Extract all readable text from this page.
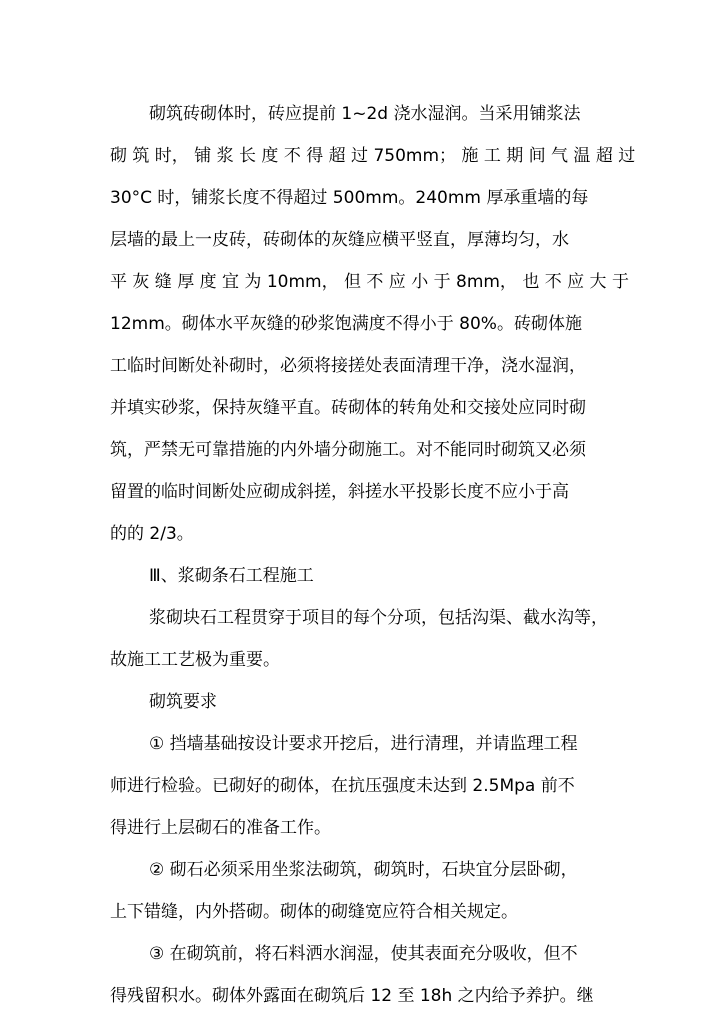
砌筑砖砌体时，砖应提前 1~2d 浇水湿润。当采用铺浆法
砌 筑 时， 铺 浆 长 度 不 得 超 过 750mm； 施 工 期 间 气 温 超 过
30°C 时，铺浆长度不得超过 500mm。240mm 厚承重墙的每
层墙的最上一皮砖，砖砌体的灰缝应横平竖直，厚薄均匀，水
平 灰 缝 厚 度 宜 为 10mm， 但 不 应 小 于 8mm， 也 不 应 大 于
12mm。砌体水平灰缝的砂浆饱满度不得小于 80%。砖砌体施
工临时间断处补砌时，必须将接搓处表面清理干净，浇水湿润，
并填实砂浆，保持灰缝平直。砖砌体的转角处和交接处应同时砌
筑，严禁无可靠措施的内外墙分砌施工。对不能同时砌筑又必须
留置的临时间断处应砌成斜搓，斜搓水平投影长度不应小于高
的的 2/3。
Ⅲ、浆砌条石工程施工
浆砌块石工程贯穿于项目的每个分项，包括沟渠、截水沟等，
故施工工艺极为重要。
砌筑要求
① 挡墙基础按设计要求开挖后，进行清理，并请监理工程
师进行检验。已砌好的砌体，在抗压强度未达到 2.5Mpa 前不
得进行上层砌石的准备工作。
② 砌石必须采用坐浆法砌筑，砌筑时，石块宜分层卧砌，
上下错缝，内外搭砌。砌体的砌缝宽应符合相关规定。
③ 在砌筑前，将石料洒水润湿，使其表面充分吸收，但不
得残留积水。砌体外露面在砌筑后 12 至 18h 之内给予养护。继
